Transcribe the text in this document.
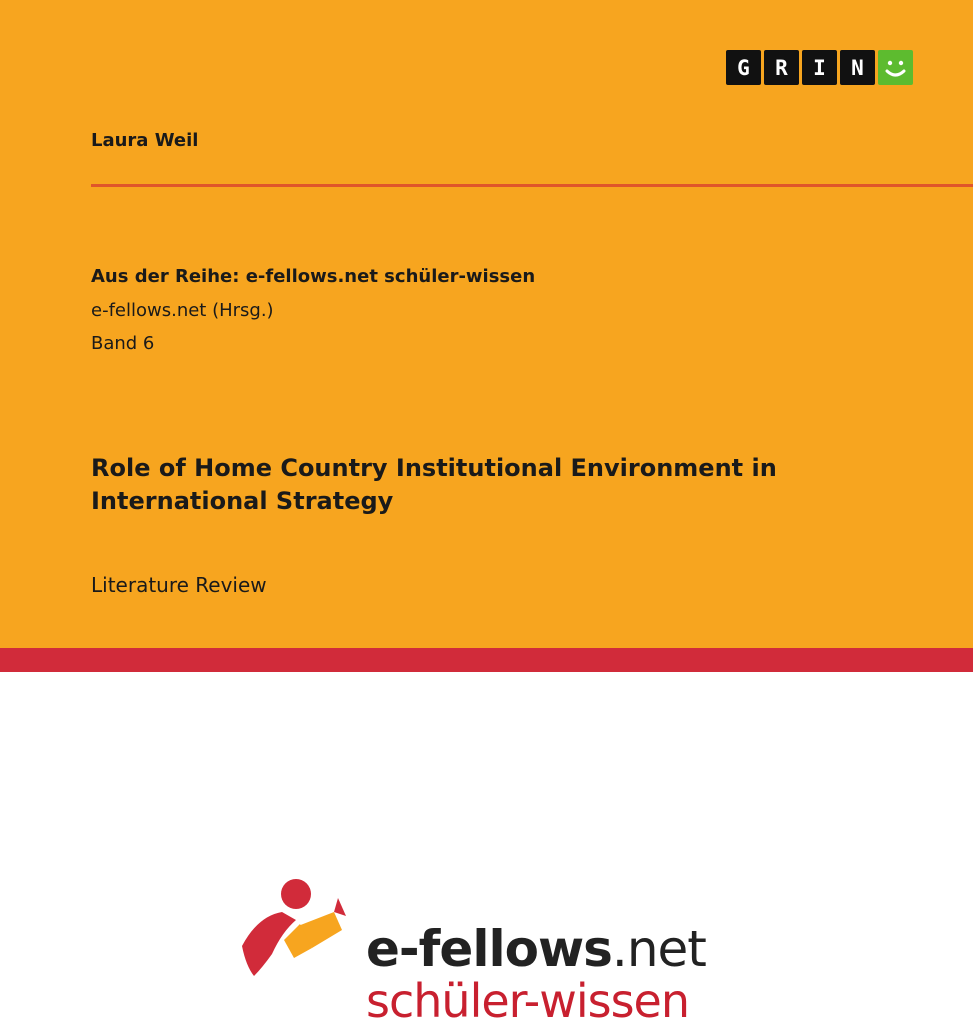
G	R	I	N
Laura Weil
Aus der Reihe: e-fellows.net schüler-wissen
e-fellows.net (Hrsg.)
Band 6
Role of Home Country Institutional Environment in International Strategy
Literature Review
e-fellows.net
schüler-wissen
